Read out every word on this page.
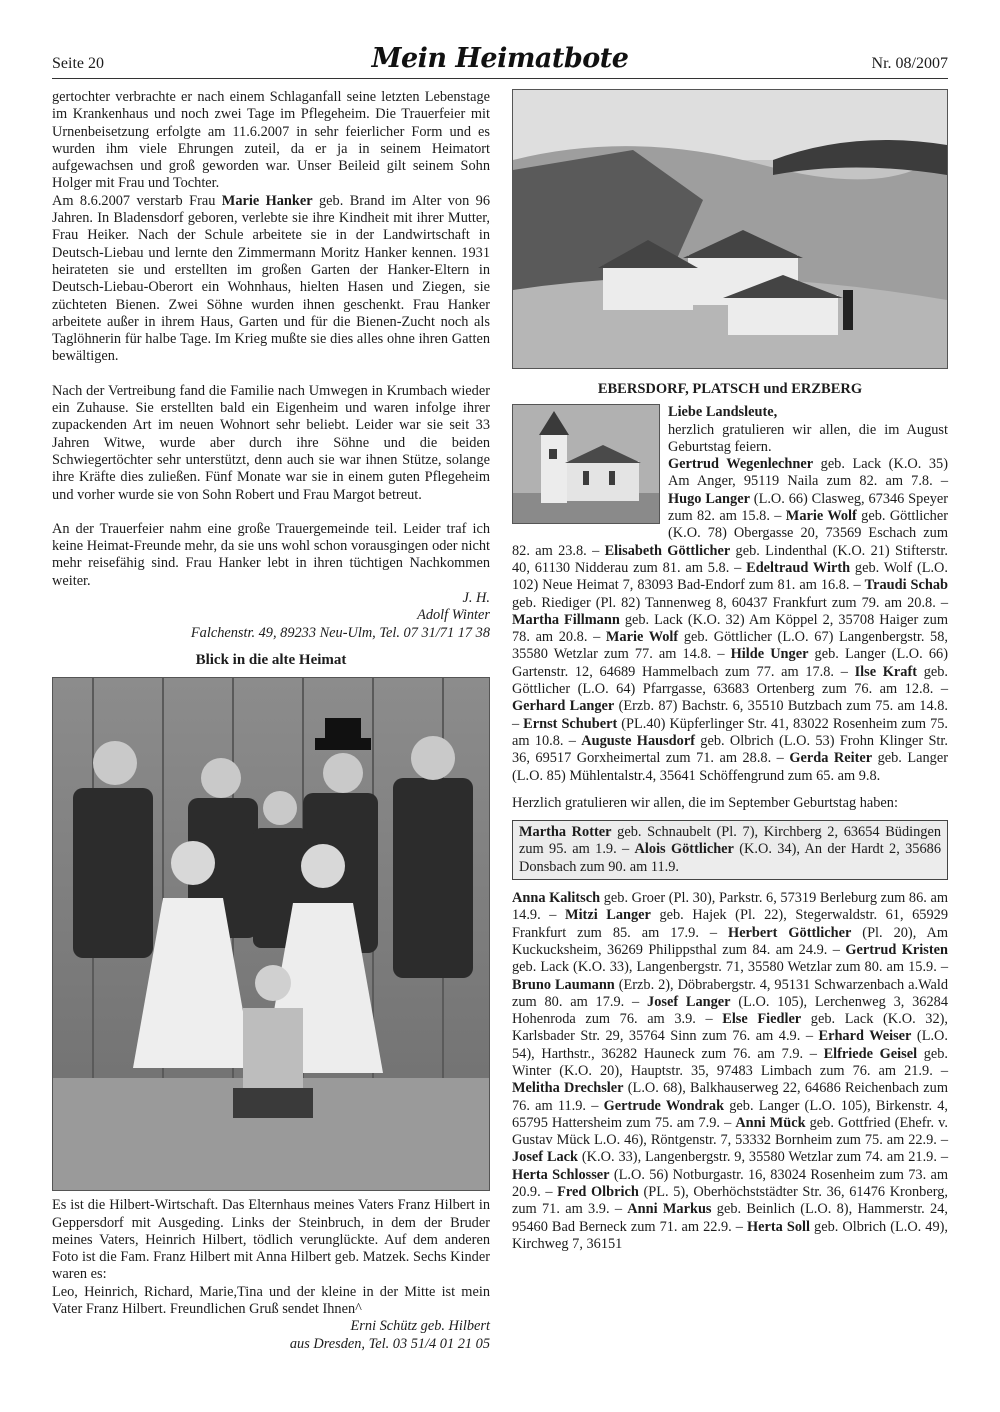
Seite 20	Mein Heimatbote	Nr. 08/2007

gertochter verbrachte er nach einem Schlaganfall seine letzten Lebenstage im Krankenhaus und noch zwei Tage im Pflegeheim. Die Trauerfeier mit Urnenbeisetzung erfolgte am 11.6.2007 in sehr feierlicher Form und es wurden ihm viele Ehrungen zuteil, da er ja in seinem Heimatort aufgewachsen und groß geworden war. Unser Beileid gilt seinem Sohn Holger mit Frau und Tochter.

Am 8.6.2007 verstarb Frau Marie Hanker geb. Brand im Alter von 96 Jahren. In Bladensdorf geboren, verlebte sie ihre Kindheit mit ihrer Mutter, Frau Heiker. Nach der Schule arbeitete sie in der Landwirtschaft in Deutsch-Liebau und lernte den Zimmermann Moritz Hanker kennen. 1931 heirateten sie und erstellten im großen Garten der Hanker-Eltern in Deutsch-Liebau-Oberort ein Wohnhaus, hielten Hasen und Ziegen, sie züchteten Bienen. Zwei Söhne wurden ihnen geschenkt. Frau Hanker arbeitete außer in ihrem Haus, Garten und für die Bienen-Zucht noch als Taglöhnerin für halbe Tage. Im Krieg mußte sie dies alles ohne ihren Gatten bewältigen.

Nach der Vertreibung fand die Familie nach Umwegen in Krumbach wieder ein Zuhause. Sie erstellten bald ein Eigenheim und waren infolge ihrer zupackenden Art im neuen Wohnort sehr beliebt. Leider war sie seit 33 Jahren Witwe, wurde aber durch ihre Söhne und die beiden Schwiegertöchter sehr unterstützt, denn auch sie war ihnen Stütze, solange ihre Kräfte dies zuließen. Fünf Monate war sie in einem guten Pflegeheim und vorher wurde sie von Sohn Robert und Frau Margot betreut.

An der Trauerfeier nahm eine große Trauergemeinde teil. Leider traf ich keine Heimat-Freunde mehr, da sie uns wohl schon vorausgingen oder nicht mehr reisefähig sind. Frau Hanker lebt in ihren tüchtigen Nachkommen weiter.

J. H.

Adolf Winter

Falchenstr. 49, 89233 Neu-Ulm, Tel. 07 31/71 17 38

Blick in die alte Heimat

Es ist die Hilbert-Wirtschaft. Das Elternhaus meines Vaters Franz Hilbert in Geppersdorf mit Ausgeding. Links der Steinbruch, in dem der Bruder meines Vaters, Heinrich Hilbert, tödlich verunglückte. Auf dem anderen Foto ist die Fam. Franz Hilbert mit Anna Hilbert geb. Matzek. Sechs Kinder waren es:

Leo, Heinrich, Richard, Marie,Tina und der kleine in der Mitte ist mein Vater Franz Hilbert. Freundlichen Gruß sendet Ihnen^

Erni Schütz geb. Hilbert

aus Dresden, Tel. 03 51/4 01 21 05

EBERSDORF, PLATSCH und ERZBERG

Liebe Landsleute,

herzlich gratulieren wir allen, die im August Geburtstag feiern.

Gertrud Wegenlechner geb. Lack (K.O. 35) Am Anger, 95119 Naila zum 82. am 7.8. – Hugo Langer (L.O. 66) Clasweg, 67346 Speyer zum 82. am 15.8. – Marie Wolf geb. Göttlicher (K.O. 78) Obergasse 20, 73569 Eschach zum 82. am 23.8. – Elisabeth Göttlicher geb. Lindenthal (K.O. 21) Stifterstr. 40, 61130 Nidderau zum 81. am 5.8. – Edeltraud Wirth geb. Wolf (L.O. 102) Neue Heimat 7, 83093 Bad-Endorf zum 81. am 16.8. – Traudi Schab geb. Riediger (Pl. 82) Tannenweg 8, 60437 Frankfurt zum 79. am 20.8. – Martha Fillmann geb. Lack (K.O. 32) Am Köppel 2, 35708 Haiger zum 78. am 20.8. – Marie Wolf geb. Göttlicher (L.O. 67) Langenbergstr. 58, 35580 Wetzlar zum 77. am 14.8. – Hilde Unger geb. Langer (L.O. 66) Gartenstr. 12, 64689 Hammelbach zum 77. am 17.8. – Ilse Kraft geb. Göttlicher (L.O. 64) Pfarrgasse, 63683 Ortenberg zum 76. am 12.8. – Gerhard Langer (Erzb. 87) Bachstr. 6, 35510 Butzbach zum 75. am 14.8. – Ernst Schubert (PL.40) Küpferlinger Str. 41, 83022 Rosenheim zum 75. am 10.8. – Auguste Hausdorf geb. Olbrich (L.O. 53) Frohn Klinger Str. 36, 69517 Gorxheimertal zum 71. am 28.8. – Gerda Reiter geb. Langer (L.O. 85) Mühlentalstr.4, 35641 Schöffengrund zum 65. am 9.8.

Herzlich gratulieren wir allen, die im September Geburtstag haben:

Martha Rotter geb. Schnaubelt (Pl. 7), Kirchberg 2, 63654 Büdingen zum 95. am 1.9. – Alois Göttlicher (K.O. 34), An der Hardt 2, 35686 Donsbach zum 90. am 11.9.

Anna Kalitsch geb. Groer (Pl. 30), Parkstr. 6, 57319 Berleburg zum 86. am 14.9. – Mitzi Langer geb. Hajek (Pl. 22), Stegerwaldstr. 61, 65929 Frankfurt zum 85. am 17.9. – Herbert Göttlicher (Pl. 20), Am Kuckucksheim, 36269 Philippsthal zum 84. am 24.9. – Gertrud Kristen geb. Lack (K.O. 33), Langenbergstr. 71, 35580 Wetzlar zum 80. am 15.9. – Bruno Laumann (Erzb. 2), Döbrabergstr. 4, 95131 Schwarzenbach a.Wald zum 80. am 17.9. – Josef Langer (L.O. 105), Lerchenweg 3, 36284 Hohenroda zum 76. am 3.9. – Else Fiedler geb. Lack (K.O. 32), Karlsbader Str. 29, 35764 Sinn zum 76. am 4.9. – Erhard Weiser (L.O. 54), Harthstr., 36282 Hauneck zum 76. am 7.9. – Elfriede Geisel geb. Winter (K.O. 20), Hauptstr. 35, 97483 Limbach zum 76. am 21.9. – Melitha Drechsler (L.O. 68), Balkhauserweg 22, 64686 Reichenbach zum 76. am 11.9. – Gertrude Wondrak geb. Langer (L.O. 105), Birkenstr. 4, 65795 Hattersheim zum 75. am 7.9. – Anni Mück geb. Gottfried (Ehefr. v. Gustav Mück L.O. 46), Röntgenstr. 7, 53332 Bornheim zum 75. am 22.9. – Josef Lack (K.O. 33), Langenbergstr. 9, 35580 Wetzlar zum 74. am 21.9. – Herta Schlosser (L.O. 56) Notburgastr. 16, 83024 Rosenheim zum 73. am 20.9. – Fred Olbrich (PL. 5), Oberhöchststädter Str. 36, 61476 Kronberg, zum 71. am 3.9. – Anni Markus geb. Beinlich (L.O. 8), Hammerstr. 24, 95460 Bad Berneck zum 71. am 22.9. – Herta Soll geb. Olbrich (L.O. 49), Kirchweg 7, 36151
